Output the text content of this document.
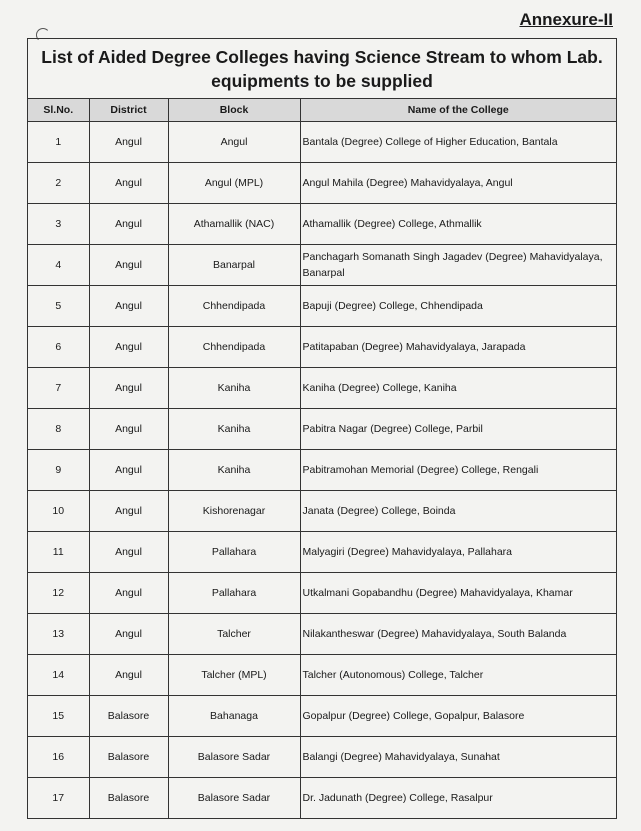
Annexure-II
List of Aided Degree Colleges having Science Stream to whom Lab. equipments to be supplied
Sl.No.	District	Block	Name of the College
1	Angul	Angul	Bantala (Degree) College of Higher Education, Bantala
2	Angul	Angul (MPL)	Angul Mahila (Degree) Mahavidyalaya, Angul
3	Angul	Athamallik (NAC)	Athamallik (Degree) College, Athmallik
4	Angul	Banarpal	Panchagarh Somanath Singh Jagadev (Degree) Mahavidyalaya, Banarpal
5	Angul	Chhendipada	Bapuji (Degree) College, Chhendipada
6	Angul	Chhendipada	Patitapaban (Degree) Mahavidyalaya, Jarapada
7	Angul	Kaniha	Kaniha (Degree) College, Kaniha
8	Angul	Kaniha	Pabitra Nagar (Degree) College, Parbil
9	Angul	Kaniha	Pabitramohan Memorial (Degree) College, Rengali
10	Angul	Kishorenagar	Janata (Degree) College, Boinda
11	Angul	Pallahara	Malyagiri (Degree) Mahavidyalaya, Pallahara
12	Angul	Pallahara	Utkalmani Gopabandhu (Degree) Mahavidyalaya, Khamar
13	Angul	Talcher	Nilakantheswar (Degree) Mahavidyalaya, South Balanda
14	Angul	Talcher (MPL)	Talcher (Autonomous) College, Talcher
15	Balasore	Bahanaga	Gopalpur (Degree) College, Gopalpur, Balasore
16	Balasore	Balasore Sadar	Balangi (Degree) Mahavidyalaya, Sunahat
17	Balasore	Balasore Sadar	Dr. Jadunath (Degree) College, Rasalpur
